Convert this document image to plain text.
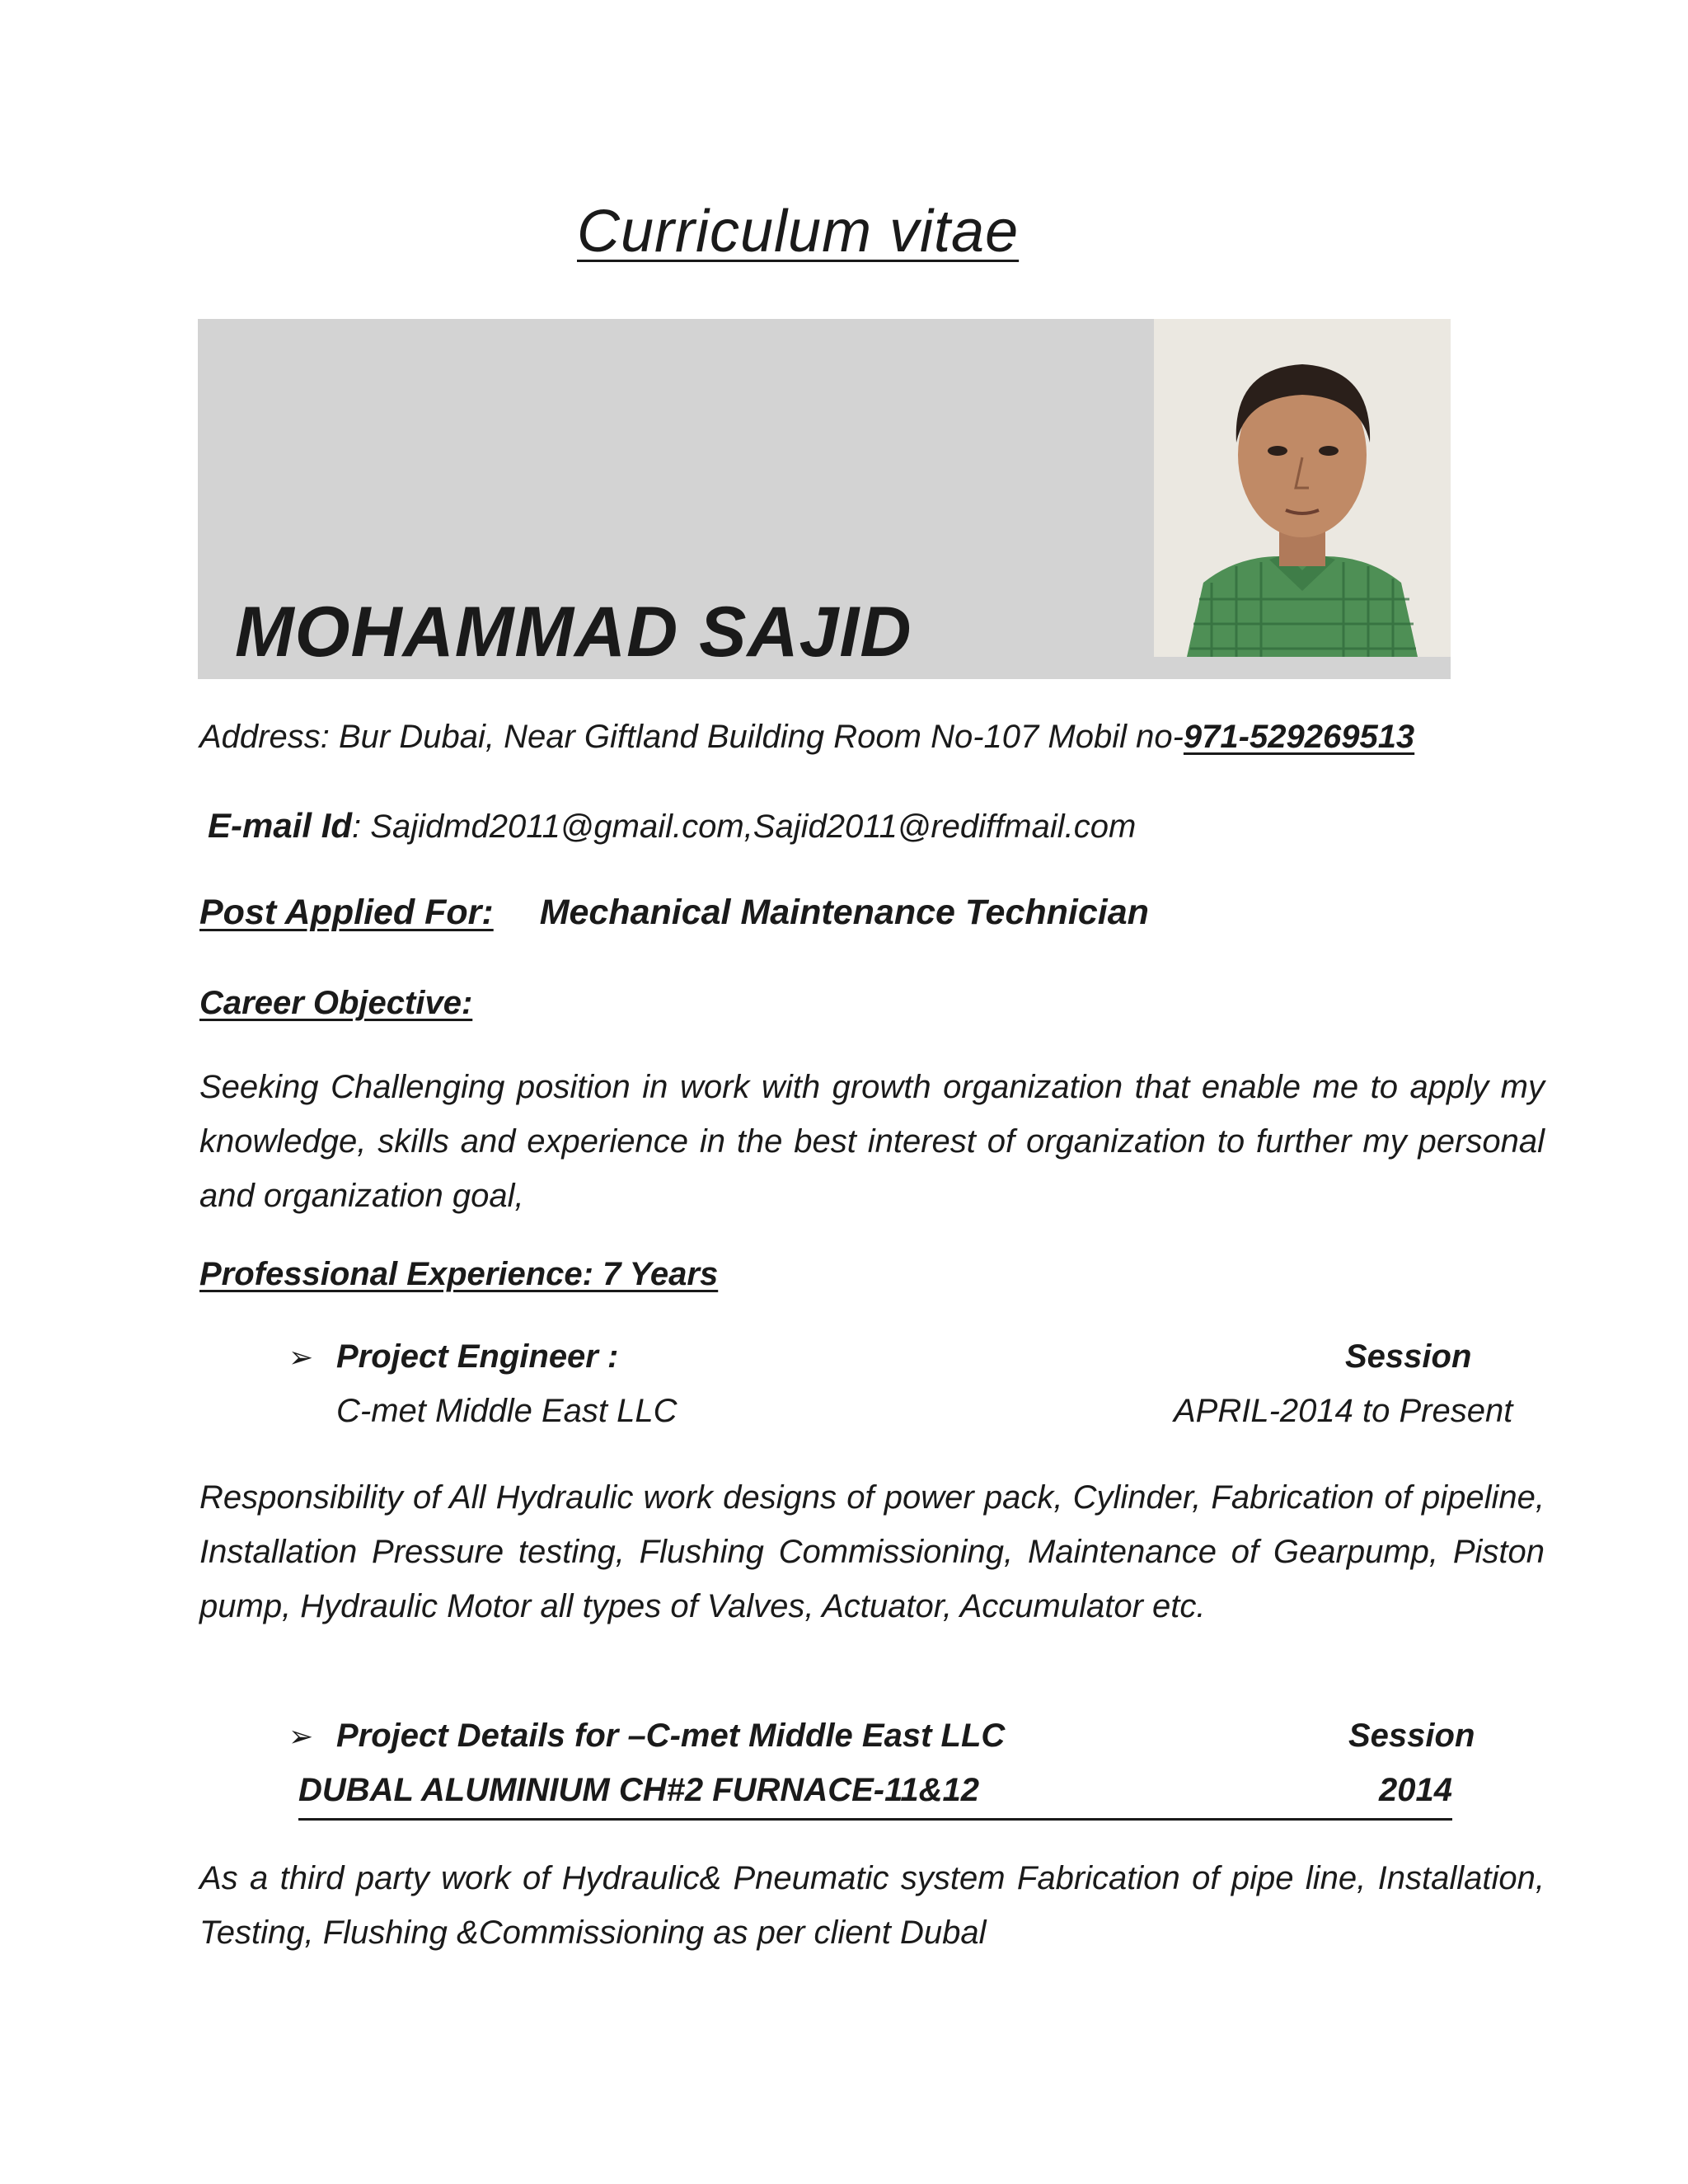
Curriculum vitae
MOHAMMAD SAJID
Address: Bur Dubai, Near Giftland Building Room No-107 Mobil no-971-529269513
E-mail Id: Sajidmd2011@gmail.com,Sajid2011@rediffmail.com
Post Applied For: Mechanical Maintenance Technician
Career Objective:
Seeking Challenging position in work with growth organization that enable me to apply my knowledge, skills and experience in the best interest of organization to further my personal and organization goal,
Professional Experience: 7 Years
➢ Project Engineer :	Session
C-met Middle East LLC	APRIL-2014 to Present
Responsibility of All Hydraulic work designs of power pack, Cylinder, Fabrication of pipeline, Installation Pressure testing, Flushing Commissioning, Maintenance of Gearpump, Piston pump, Hydraulic Motor all types of Valves, Actuator, Accumulator etc.
➢ Project Details for –C-met Middle East LLC	Session
DUBAL ALUMINIUM CH#2 FURNACE-11&12	2014
As a third party work of Hydraulic& Pneumatic system Fabrication of pipe line, Installation, Testing, Flushing &Commissioning as per client Dubal
